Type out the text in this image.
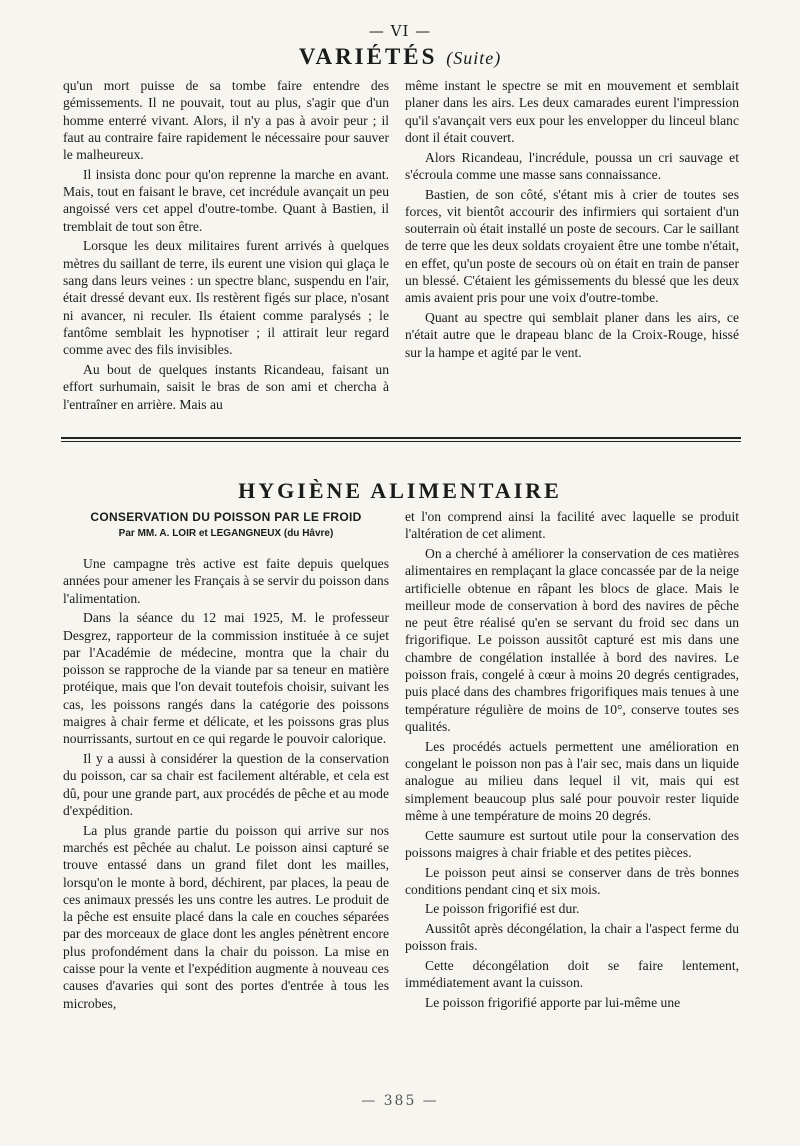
— VI —
VARIÉTÉS (Suite)

qu'un mort puisse de sa tombe faire entendre des gémissements. Il ne pouvait, tout au plus, s'agir que d'un homme enterré vivant. Alors, il n'y a pas à avoir peur ; il faut au contraire faire rapidement le nécessaire pour sauver le malheureux.

Il insista donc pour qu'on reprenne la marche en avant. Mais, tout en faisant le brave, cet incrédule avançait un peu angoissé vers cet appel d'outre-tombe. Quant à Bastien, il tremblait de tout son être.

Lorsque les deux militaires furent arrivés à quelques mètres du saillant de terre, ils eurent une vision qui glaça le sang dans leurs veines : un spectre blanc, suspendu en l'air, était dressé devant eux. Ils restèrent figés sur place, n'osant ni avancer, ni reculer. Ils étaient comme paralysés ; le fantôme semblait les hypnotiser ; il attirait leur regard comme avec des fils invisibles.

Au bout de quelques instants Ricandeau, faisant un effort surhumain, saisit le bras de son ami et chercha à l'entraîner en arrière. Mais au

même instant le spectre se mit en mouvement et semblait planer dans les airs. Les deux camarades eurent l'impression qu'il s'avançait vers eux pour les envelopper du linceul blanc dont il était couvert.

Alors Ricandeau, l'incrédule, poussa un cri sauvage et s'écroula comme une masse sans connaissance.

Bastien, de son côté, s'étant mis à crier de toutes ses forces, vit bientôt accourir des infirmiers qui sortaient d'un souterrain où était installé un poste de secours. Car le saillant de terre que les deux soldats croyaient être une tombe n'était, en effet, qu'un poste de secours où on était en train de panser un blessé. C'étaient les gémissements du blessé que les deux amis avaient pris pour une voix d'outre-tombe.

Quant au spectre qui semblait planer dans les airs, ce n'était autre que le drapeau blanc de la Croix-Rouge, hissé sur la hampe et agité par le vent.

HYGIÈNE ALIMENTAIRE
CONSERVATION DU POISSON PAR LE FROID
Par MM. A. LOIR et LEGANGNEUX (du Hâvre)

Une campagne très active est faite depuis quelques années pour amener les Français à se servir du poisson dans l'alimentation.

Dans la séance du 12 mai 1925, M. le professeur Desgrez, rapporteur de la commission instituée à ce sujet par l'Académie de médecine, montra que la chair du poisson se rapproche de la viande par sa teneur en matière protéique, mais que l'on devait toutefois choisir, suivant les cas, les poissons rangés dans la catégorie des poissons maigres à chair ferme et délicate, et les poissons gras plus nourrissants, surtout en ce qui regarde le pouvoir calorique.

Il y a aussi à considérer la question de la conservation du poisson, car sa chair est facilement altérable, et cela est dû, pour une grande part, aux procédés de pêche et au mode d'expédition.

La plus grande partie du poisson qui arrive sur nos marchés est pêchée au chalut. Le poisson ainsi capturé se trouve entassé dans un grand filet dont les mailles, lorsqu'on le monte à bord, déchirent, par places, la peau de ces animaux pressés les uns contre les autres. Le produit de la pêche est ensuite placé dans la cale en couches séparées par des morceaux de glace dont les angles pénètrent encore plus profondément dans la chair du poisson. La mise en caisse pour la vente et l'expédition augmente à nouveau ces causes d'avaries qui sont des portes d'entrée à tous les microbes,

et l'on comprend ainsi la facilité avec laquelle se produit l'altération de cet aliment.

On a cherché à améliorer la conservation de ces matières alimentaires en remplaçant la glace concassée par de la neige artificielle obtenue en râpant les blocs de glace. Mais le meilleur mode de conservation à bord des navires de pêche ne peut être réalisé qu'en se servant du froid sec dans un frigorifique. Le poisson aussitôt capturé est mis dans une chambre de congélation installée à bord des navires. Le poisson frais, congelé à cœur à moins 20 degrés centigrades, puis placé dans des chambres frigorifiques mais tenues à une température régulière de moins de 10°, conserve toutes ses qualités.

Les procédés actuels permettent une amélioration en congelant le poisson non pas à l'air sec, mais dans un liquide analogue au milieu dans lequel il vit, mais qui est simplement beaucoup plus salé pour pouvoir rester liquide même à une température de moins 20 degrés.

Cette saumure est surtout utile pour la conservation des poissons maigres à chair friable et des petites pièces.

Le poisson peut ainsi se conserver dans de très bonnes conditions pendant cinq et six mois.

Le poisson frigorifié est dur.

Aussitôt après décongélation, la chair a l'aspect ferme du poisson frais.

Cette décongélation doit se faire lentement, immédiatement avant la cuisson.

Le poisson frigorifié apporte par lui-même une

— 385 —
